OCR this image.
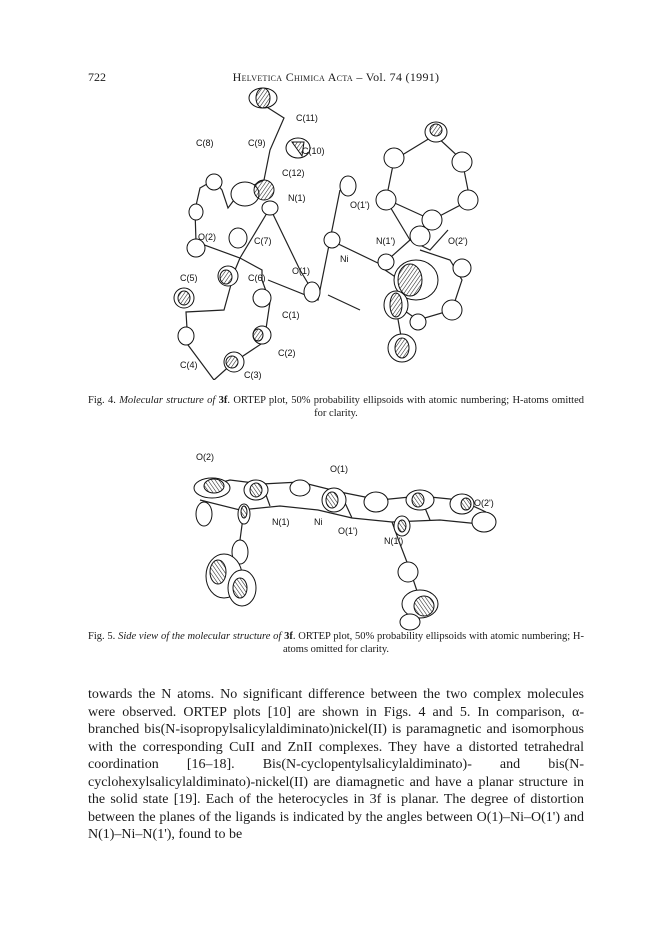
722	Helvetica Chimica Acta – Vol. 74 (1991)
C(11)
C(8)	C(9)
C(10)
C(12)
N(1)
O(1')
O(2)	C(7)	N(1')	O(2')
Ni
O(1)
C(5)	C(6)
C(1)
C(2)
C(4)
C(3)
Fig. 4. Molecular structure of 3f. ORTEP plot, 50% probability ellipsoids with atomic numbering; H-atoms omitted for clarity.
O(2)
O(1)
O(2')
N(1)	Ni
O(1')
N(1')
Fig. 5. Side view of the molecular structure of 3f. ORTEP plot, 50% probability ellipsoids with atomic numbering; H-atoms omitted for clarity.

towards the N atoms. No significant difference between the two complex molecules were observed. ORTEP plots [10] are shown in Figs. 4 and 5. In comparison, α-branched bis(N-isopropylsalicylaldiminato)nickel(II) is paramagnetic and isomorphous with the corresponding CuII and ZnII complexes. They have a distorted tetrahedral coordination [16–18]. Bis(N-cyclopentylsalicylaldiminato)- and bis(N-cyclohexylsalicylaldiminato)-nickel(II) are diamagnetic and have a planar structure in the solid state [19]. Each of the heterocycles in 3f is planar. The degree of distortion between the planes of the ligands is indicated by the angles between O(1)–Ni–O(1') and N(1)–Ni–N(1'), found to be
